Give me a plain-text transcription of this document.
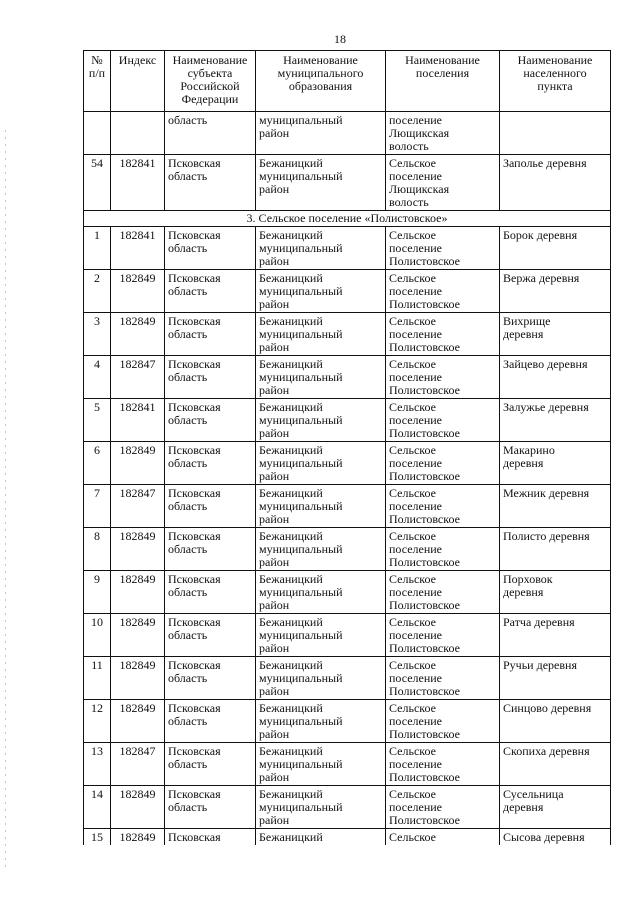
18
№
п/п	Индекс	Наименование
субъекта
Российской
Федерации	Наименование
муниципального
образования	Наименование
поселения	Наименование
населенного
пункта
		область	муниципальный
район	поселение
Лющикская
волость	
54	182841	Псковская
область	Бежаницкий
муниципальный
район	Сельское
поселение
Лющикская
волость	Заполье деревня
3. Сельское поселение «Полистовское»					
1	182841	Псковская
область	Бежаницкий
муниципальный
район	Сельское
поселение
Полистовское	Борок деревня
2	182849	Псковская
область	Бежаницкий
муниципальный
район	Сельское
поселение
Полистовское	Вержа деревня
3	182849	Псковская
область	Бежаницкий
муниципальный
район	Сельское
поселение
Полистовское	Вихрище
деревня
4	182847	Псковская
область	Бежаницкий
муниципальный
район	Сельское
поселение
Полистовское	Зайцево деревня
5	182841	Псковская
область	Бежаницкий
муниципальный
район	Сельское
поселение
Полистовское	Залужье деревня
6	182849	Псковская
область	Бежаницкий
муниципальный
район	Сельское
поселение
Полистовское	Макарино
деревня
7	182847	Псковская
область	Бежаницкий
муниципальный
район	Сельское
поселение
Полистовское	Межник деревня
8	182849	Псковская
область	Бежаницкий
муниципальный
район	Сельское
поселение
Полистовское	Полисто деревня
9	182849	Псковская
область	Бежаницкий
муниципальный
район	Сельское
поселение
Полистовское	Порховок
деревня
10	182849	Псковская
область	Бежаницкий
муниципальный
район	Сельское
поселение
Полистовское	Ратча деревня
11	182849	Псковская
область	Бежаницкий
муниципальный
район	Сельское
поселение
Полистовское	Ручьи деревня
12	182849	Псковская
область	Бежаницкий
муниципальный
район	Сельское
поселение
Полистовское	Синцово деревня
13	182847	Псковская
область	Бежаницкий
муниципальный
район	Сельское
поселение
Полистовское	Скопиха деревня
14	182849	Псковская
область	Бежаницкий
муниципальный
район	Сельское
поселение
Полистовское	Сусельница
деревня
15	182849	Псковская	Бежаницкий	Сельское	Сысова деревня
